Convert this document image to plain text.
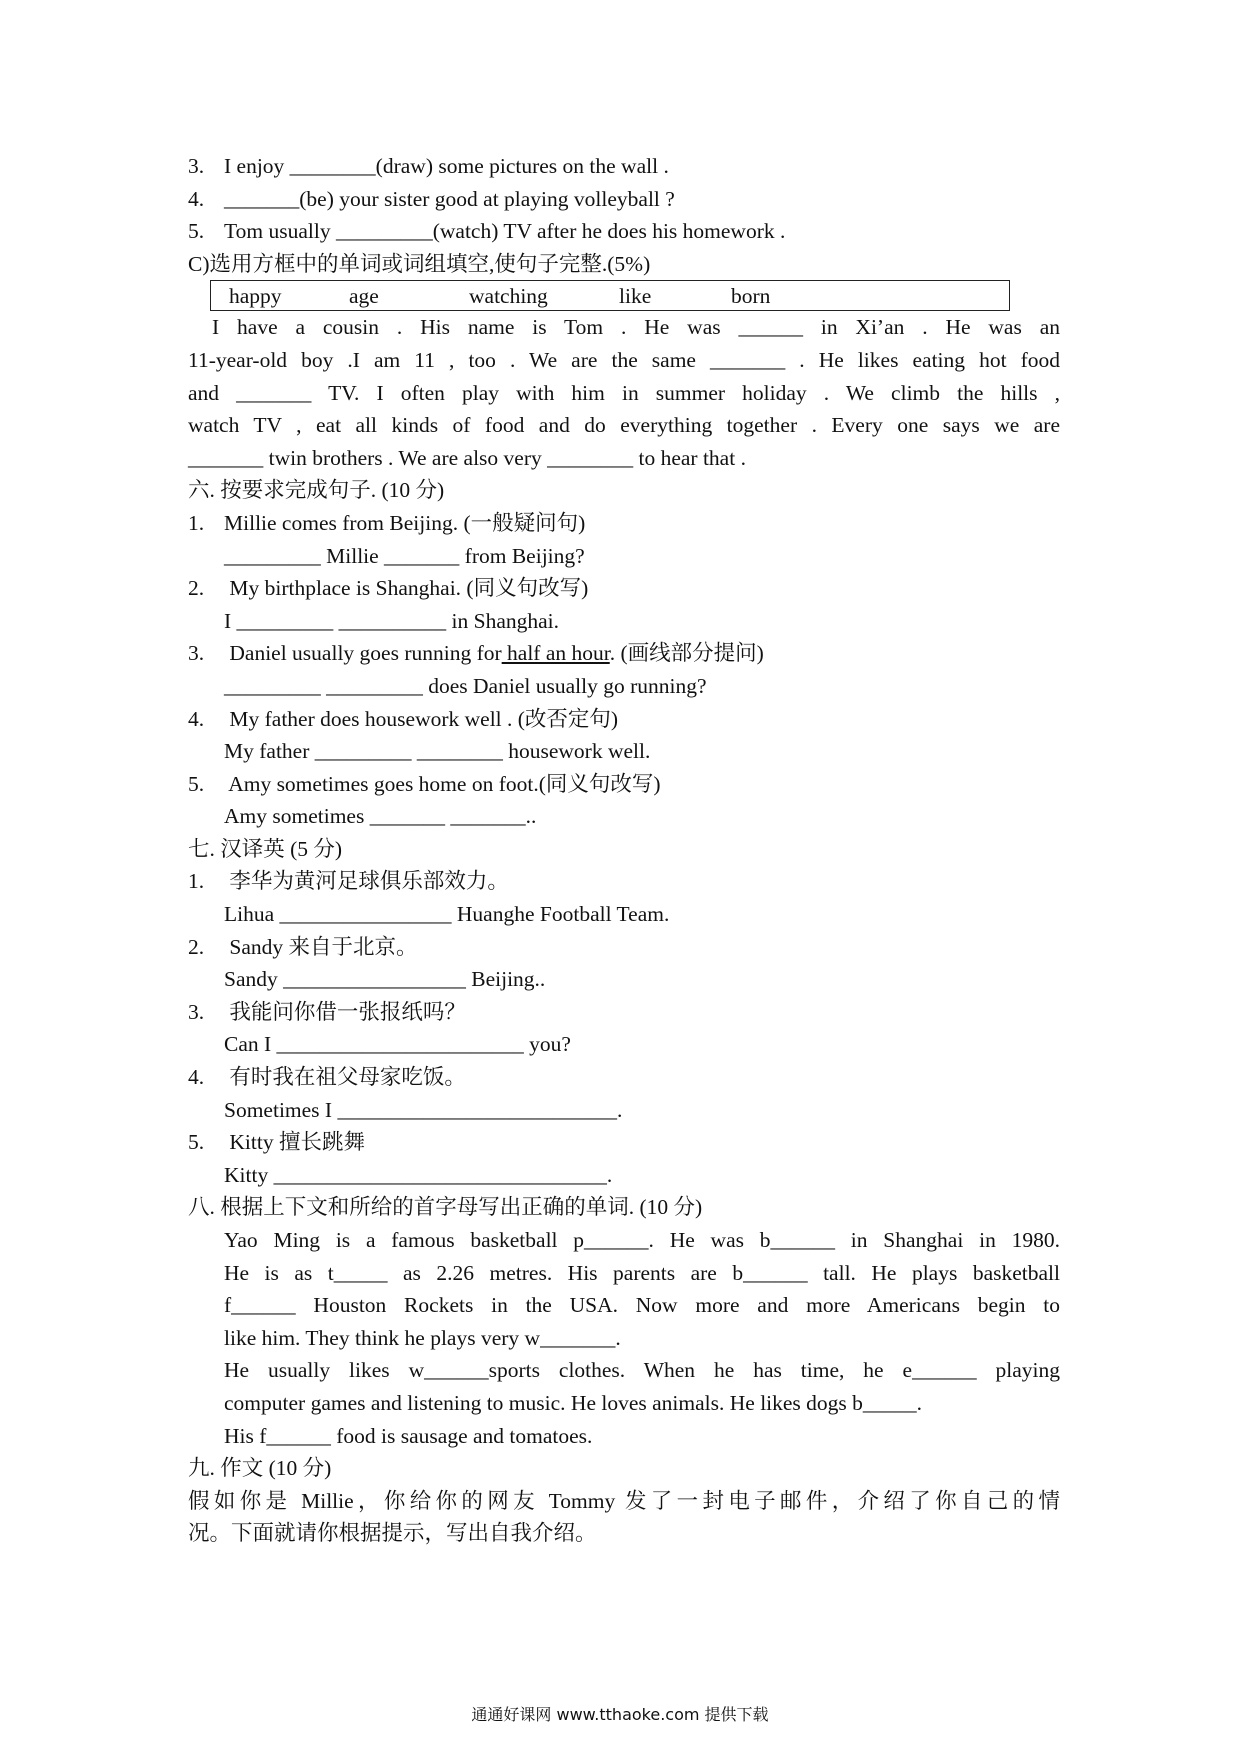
3. I enjoy ________(draw) some pictures on the wall .
4. _______(be) your sister good at playing volleyball ?
5. Tom usually _________(watch) TV after he does his homework .
C)选用方框中的单词或词组填空,使句子完整.(5%)
happy	age	watching	like	born
I have a cousin . His name is Tom . He was ______ in Xi’an . He was an
11-year-old boy .I am 11 , too . We are the same _______ . He likes eating hot food
and _______ TV. I often play with him in summer holiday . We climb the hills ,
watch TV , eat all kinds of food and do everything together . Every one says we are
_______ twin brothers . We are also very ________ to hear that .
六. 按要求完成句子. (10 分)
1. Millie comes from Beijing. (一般疑问句)
_________ Millie _______ from Beijing?
2. My birthplace is Shanghai. (同义句改写)
I _________ __________ in Shanghai.
3. Daniel usually goes running for half an hour. (画线部分提问)
_________ _________ does Daniel usually go running?
4. My father does housework well . (改否定句)
My father _________ ________ housework well.
5. Amy sometimes goes home on foot.(同义句改写)
Amy sometimes _______ _______..
七. 汉译英 (5 分)
1. 李华为黄河足球俱乐部效力。
Lihua ________________ Huanghe Football Team.
2. Sandy 来自于北京。
Sandy _________________ Beijing..
3. 我能问你借一张报纸吗？
Can I _______________________ you?
4. 有时我在祖父母家吃饭。
Sometimes I __________________________.
5. Kitty 擅长跳舞
Kitty _______________________________.
八. 根据上下文和所给的首字母写出正确的单词. (10 分)
Yao Ming is a famous basketball p______. He was b______ in Shanghai in 1980.
He is as t_____ as 2.26 metres. His parents are b______ tall. He plays basketball
f______ Houston Rockets in the USA. Now more and more Americans begin to
like him. They think he plays very w_______.
He usually likes w______sports clothes. When he has time, he e______ playing
computer games and listening to music. He loves animals. He likes dogs b_____.
His f______ food is sausage and tomatoes.
九. 作文 (10 分)
假如你是 Millie，你给你的网友 Tommy 发了一封电子邮件，介绍了你自己的情
况。下面就请你根据提示，写出自我介绍。
通通好课网 www.tthaoke.com 提供下载
